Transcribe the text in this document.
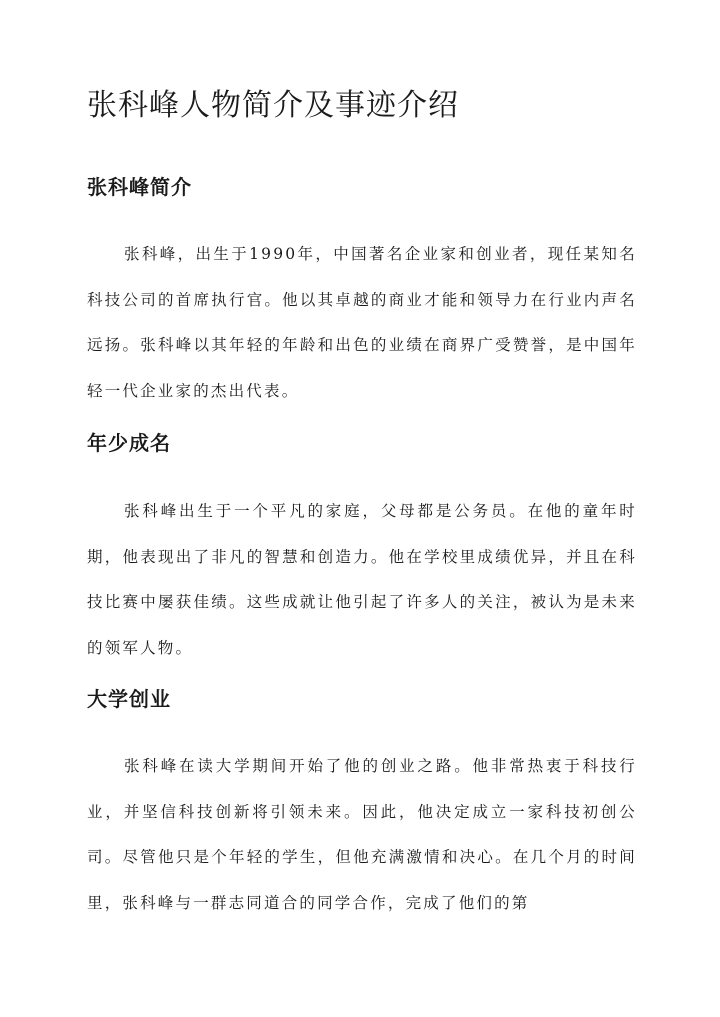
张科峰人物简介及事迹介绍
张科峰简介

张科峰，出生于1990年，中国著名企业家和创业者，现任某知名科技公司的首席执行官。他以其卓越的商业才能和领导力在行业内声名远扬。张科峰以其年轻的年龄和出色的业绩在商界广受赞誉，是中国年轻一代企业家的杰出代表。

年少成名

张科峰出生于一个平凡的家庭，父母都是公务员。在他的童年时期，他表现出了非凡的智慧和创造力。他在学校里成绩优异，并且在科技比赛中屡获佳绩。这些成就让他引起了许多人的关注，被认为是未来的领军人物。

大学创业

张科峰在读大学期间开始了他的创业之路。他非常热衷于科技行业，并坚信科技创新将引领未来。因此，他决定成立一家科技初创公司。尽管他只是个年轻的学生，但他充满激情和决心。在几个月的时间里，张科峰与一群志同道合的同学合作，完成了他们的第
